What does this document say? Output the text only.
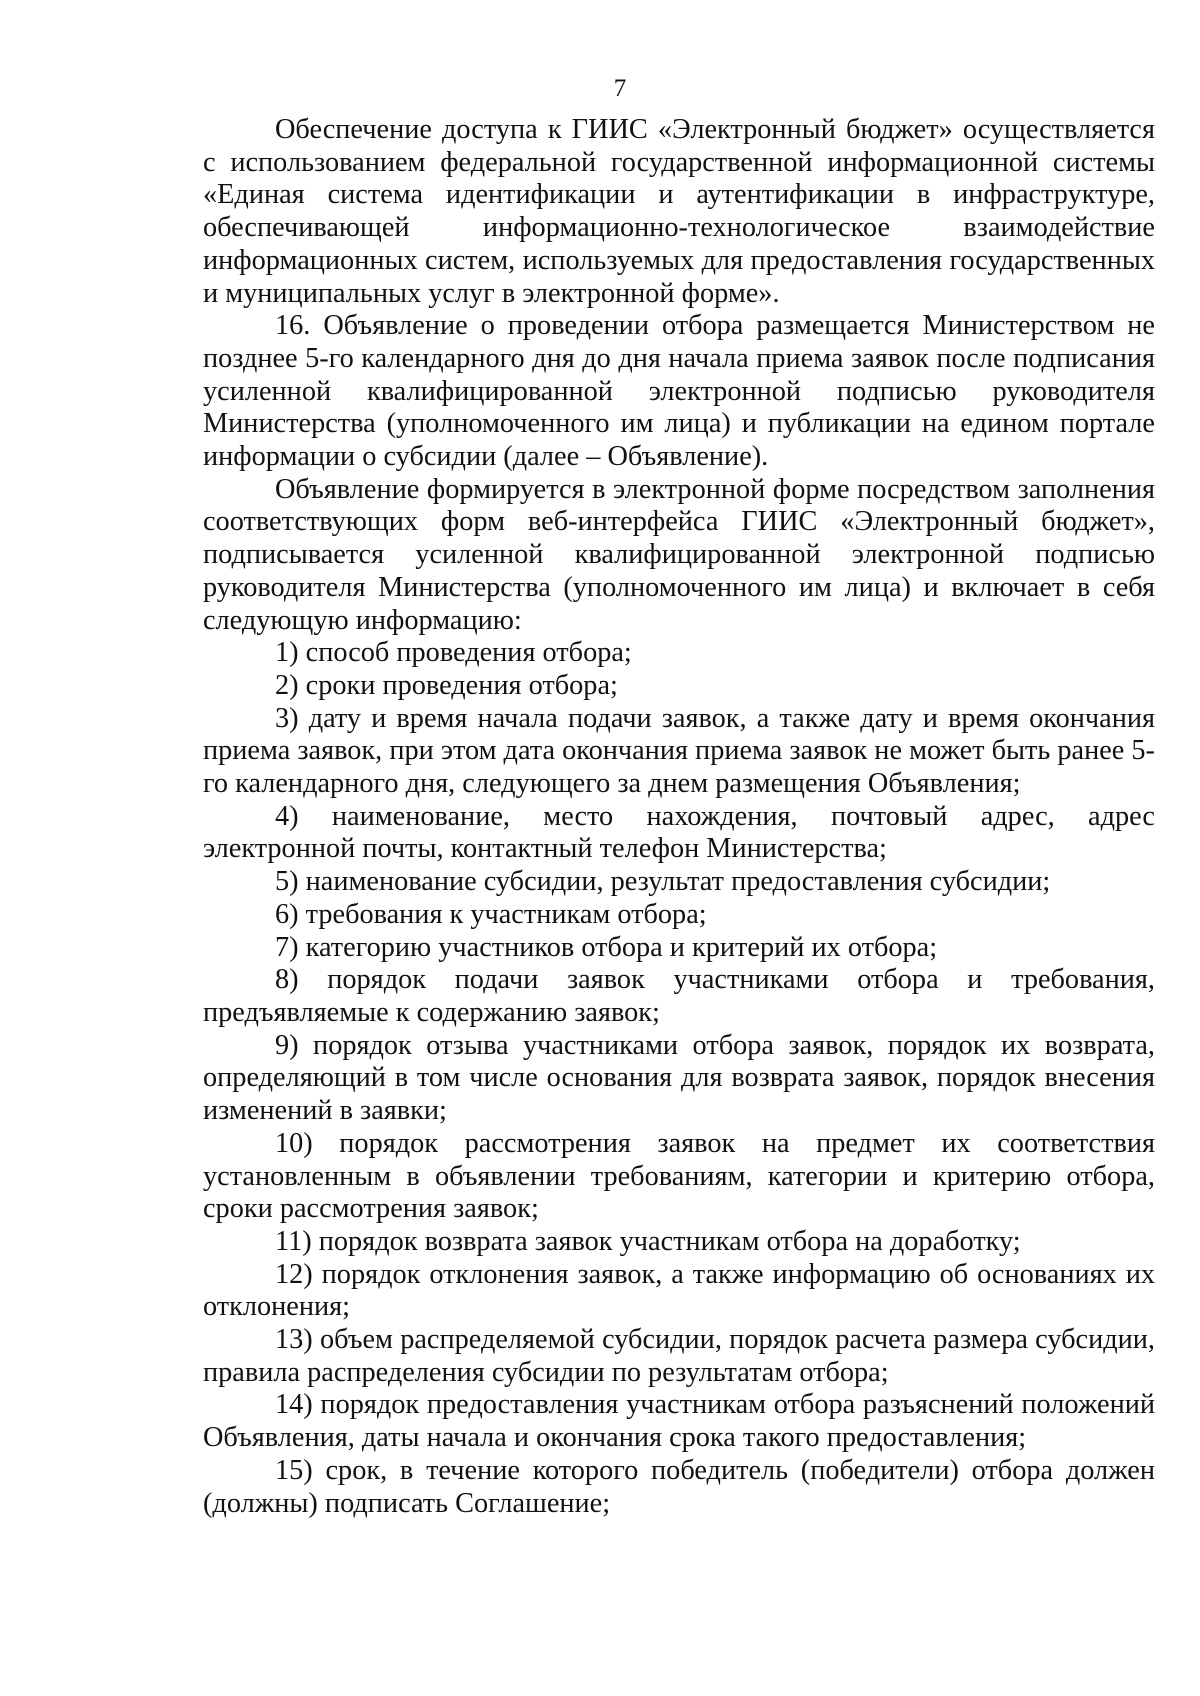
7

Обеспечение доступа к ГИИС «Электронный бюджет» осуществляется с использованием федеральной государственной информационной системы «Единая система идентификации и аутентификации в инфраструктуре, обеспечивающей информационно-технологическое взаимодействие информационных систем, используемых для предоставления государственных и муниципальных услуг в электронной форме».

16. Объявление о проведении отбора размещается Министерством не позднее 5-го календарного дня до дня начала приема заявок после подписания усиленной квалифицированной электронной подписью руководителя Министерства (уполномоченного им лица) и публикации на едином портале информации о субсидии (далее – Объявление).

Объявление формируется в электронной форме посредством заполнения соответствующих форм веб-интерфейса ГИИС «Электронный бюджет», подписывается усиленной квалифицированной электронной подписью руководителя Министерства (уполномоченного им лица) и включает в себя следующую информацию:

1) способ проведения отбора;

2) сроки проведения отбора;

3) дату и время начала подачи заявок, а также дату и время окончания приема заявок, при этом дата окончания приема заявок не может быть ранее 5-го календарного дня, следующего за днем размещения Объявления;

4) наименование, место нахождения, почтовый адрес, адрес электронной почты, контактный телефон Министерства;

5) наименование субсидии, результат предоставления субсидии;

6) требования к участникам отбора;

7) категорию участников отбора и критерий их отбора;

8) порядок подачи заявок участниками отбора и требования, предъявляемые к содержанию заявок;

9) порядок отзыва участниками отбора заявок, порядок их возврата, определяющий в том числе основания для возврата заявок, порядок внесения изменений в заявки;

10) порядок рассмотрения заявок на предмет их соответствия установленным в объявлении требованиям, категории и критерию отбора, сроки рассмотрения заявок;

11) порядок возврата заявок участникам отбора на доработку;

12) порядок отклонения заявок, а также информацию об основаниях их отклонения;

13) объем распределяемой субсидии, порядок расчета размера субсидии, правила распределения субсидии по результатам отбора;

14) порядок предоставления участникам отбора разъяснений положений Объявления, даты начала и окончания срока такого предоставления;

15) срок, в течение которого победитель (победители) отбора должен (должны) подписать Соглашение;
